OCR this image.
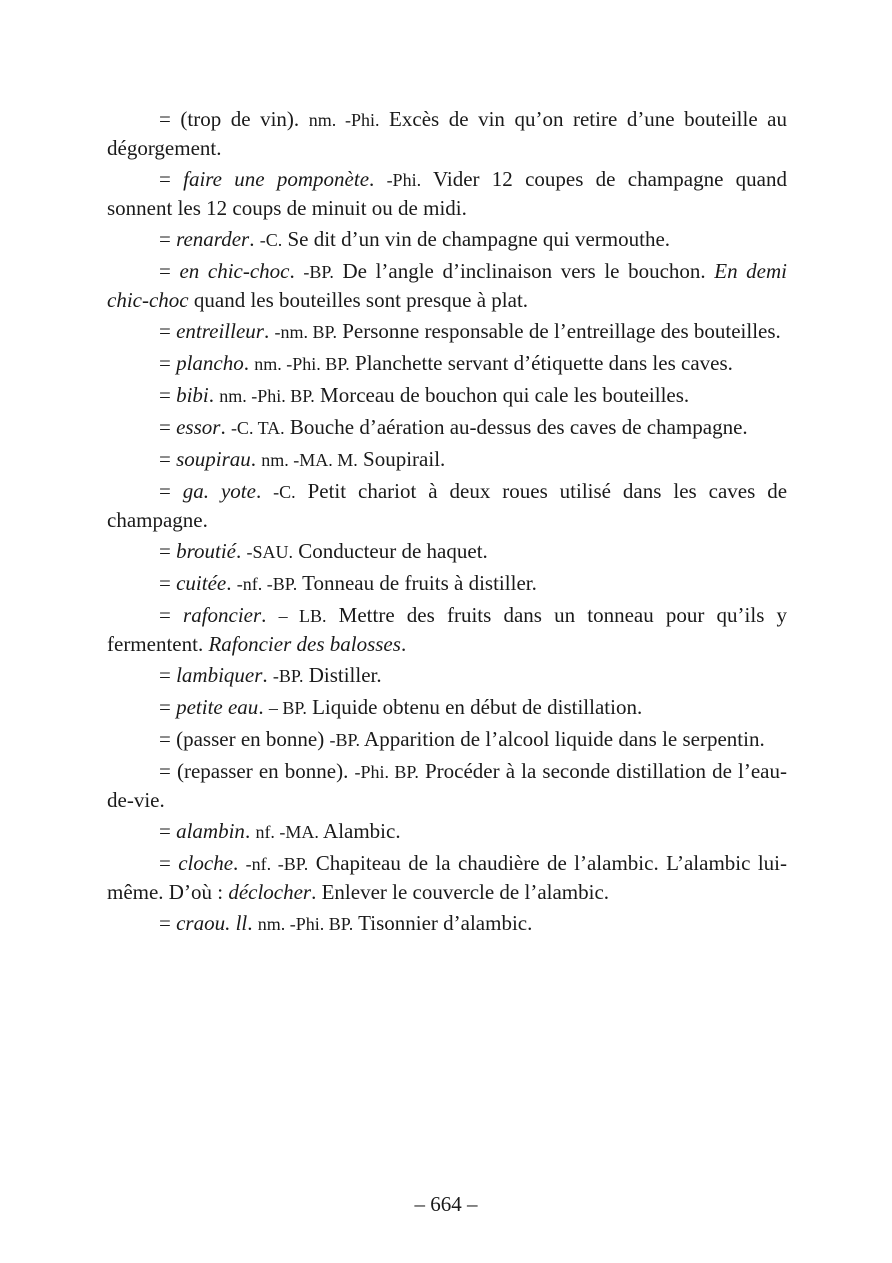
= (trop de vin). nm. -Phi. Excès de vin qu’on retire d’une bouteille au dégorgement.

= faire une pomponète. -Phi. Vider 12 coupes de champagne quand sonnent les 12 coups de minuit ou de midi.

= renarder. -C. Se dit d’un vin de champagne qui vermouthe.

= en chic-choc. -BP. De l’angle d’inclinaison vers le bouchon. En demi chic-choc quand les bouteilles sont presque à plat.

= entreilleur. -nm. BP. Personne responsable de l’entreillage des bouteilles.

= plancho. nm. -Phi. BP. Planchette servant d’étiquette dans les caves.

= bibi. nm. -Phi. BP. Morceau de bouchon qui cale les bouteilles.

= essor. -C. TA. Bouche d’aération au-dessus des caves de champagne.

= soupirau. nm. -MA. M. Soupirail.

= ga. yote. -C. Petit chariot à deux roues utilisé dans les caves de champagne.

= broutié. -SAU. Conducteur de haquet.

= cuitée. -nf. -BP. Tonneau de fruits à distiller.

= rafoncier. – LB. Mettre des fruits dans un tonneau pour qu’ils y fermentent. Rafoncier des balosses.

= lambiquer. -BP. Distiller.

= petite eau. – BP. Liquide obtenu en début de distillation.

= (passer en bonne) -BP. Apparition de l’alcool liquide dans le serpentin.

= (repasser en bonne). -Phi. BP. Procéder à la seconde distillation de l’eau-de-vie.

= alambin. nf. -MA. Alambic.

= cloche. -nf. -BP. Chapiteau de la chaudière de l’alambic. L’alambic lui-même. D’où : déclocher. Enlever le couvercle de l’alambic.

= craou. ll. nm. -Phi. BP. Tisonnier d’alambic.

– 664 –
